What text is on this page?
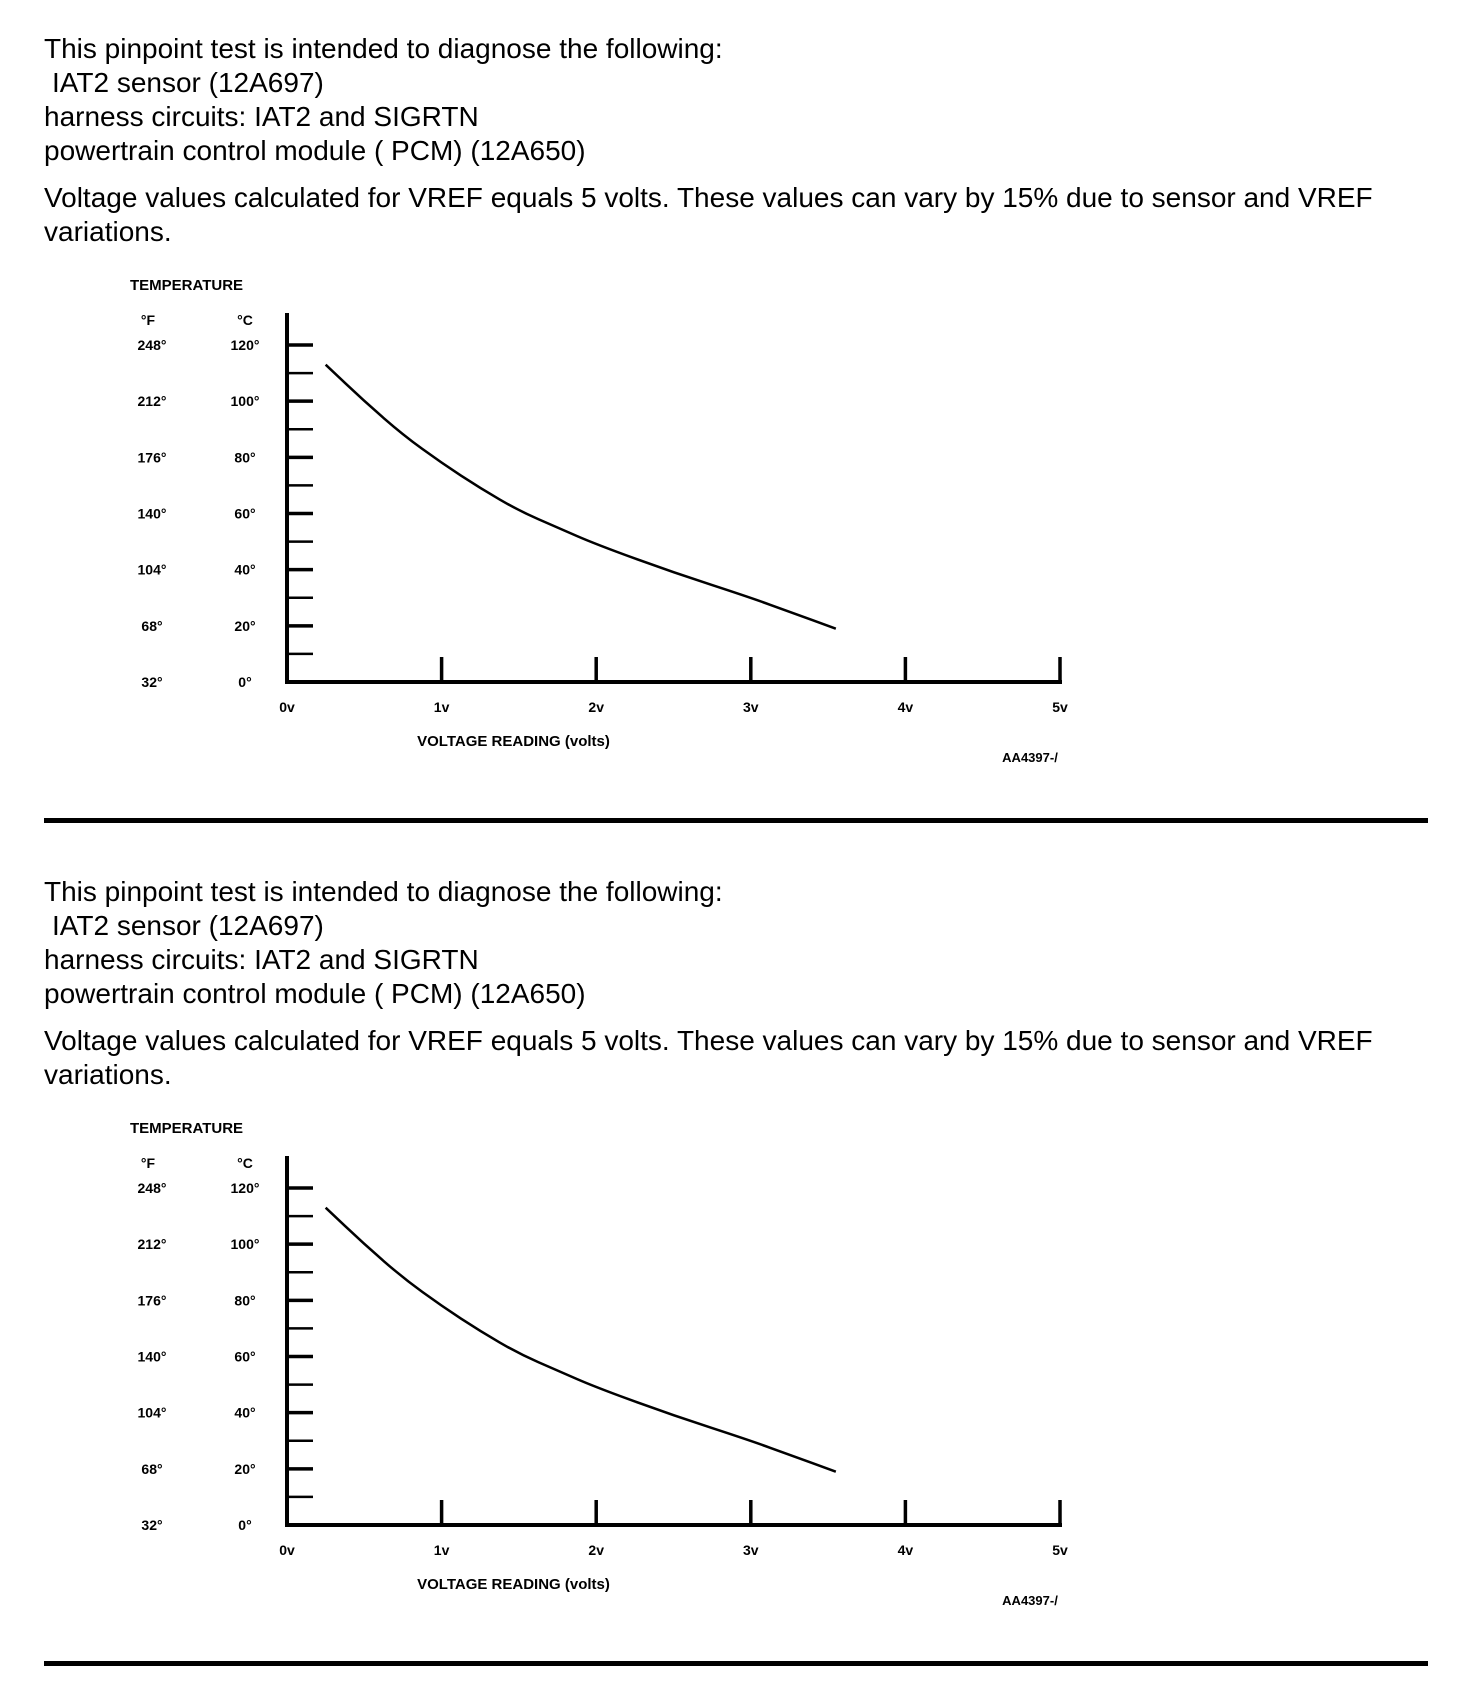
This pinpoint test is intended to diagnose the following:
IAT2 sensor (12A697)
harness circuits: IAT2 and SIGRTN
powertrain control module ( PCM) (12A650)
Voltage values calculated for VREF equals 5 volts. These values can vary by 15% due to sensor and VREF variations.
TEMPERATURE
°F	°C
0°
32°
20°
68°
40°
104°
60°
140°
80°
176°
100°
212°
120°
248°
0v	1v	2v	3v	4v	5v
VOLTAGE READING (volts)
AA4397-/
This pinpoint test is intended to diagnose the following:
IAT2 sensor (12A697)
harness circuits: IAT2 and SIGRTN
powertrain control module ( PCM) (12A650)
Voltage values calculated for VREF equals 5 volts. These values can vary by 15% due to sensor and VREF variations.
TEMPERATURE
°F	°C
0°
32°
20°
68°
40°
104°
60°
140°
80°
176°
100°
212°
120°
248°
0v	1v	2v	3v	4v	5v
VOLTAGE READING (volts)
AA4397-/
